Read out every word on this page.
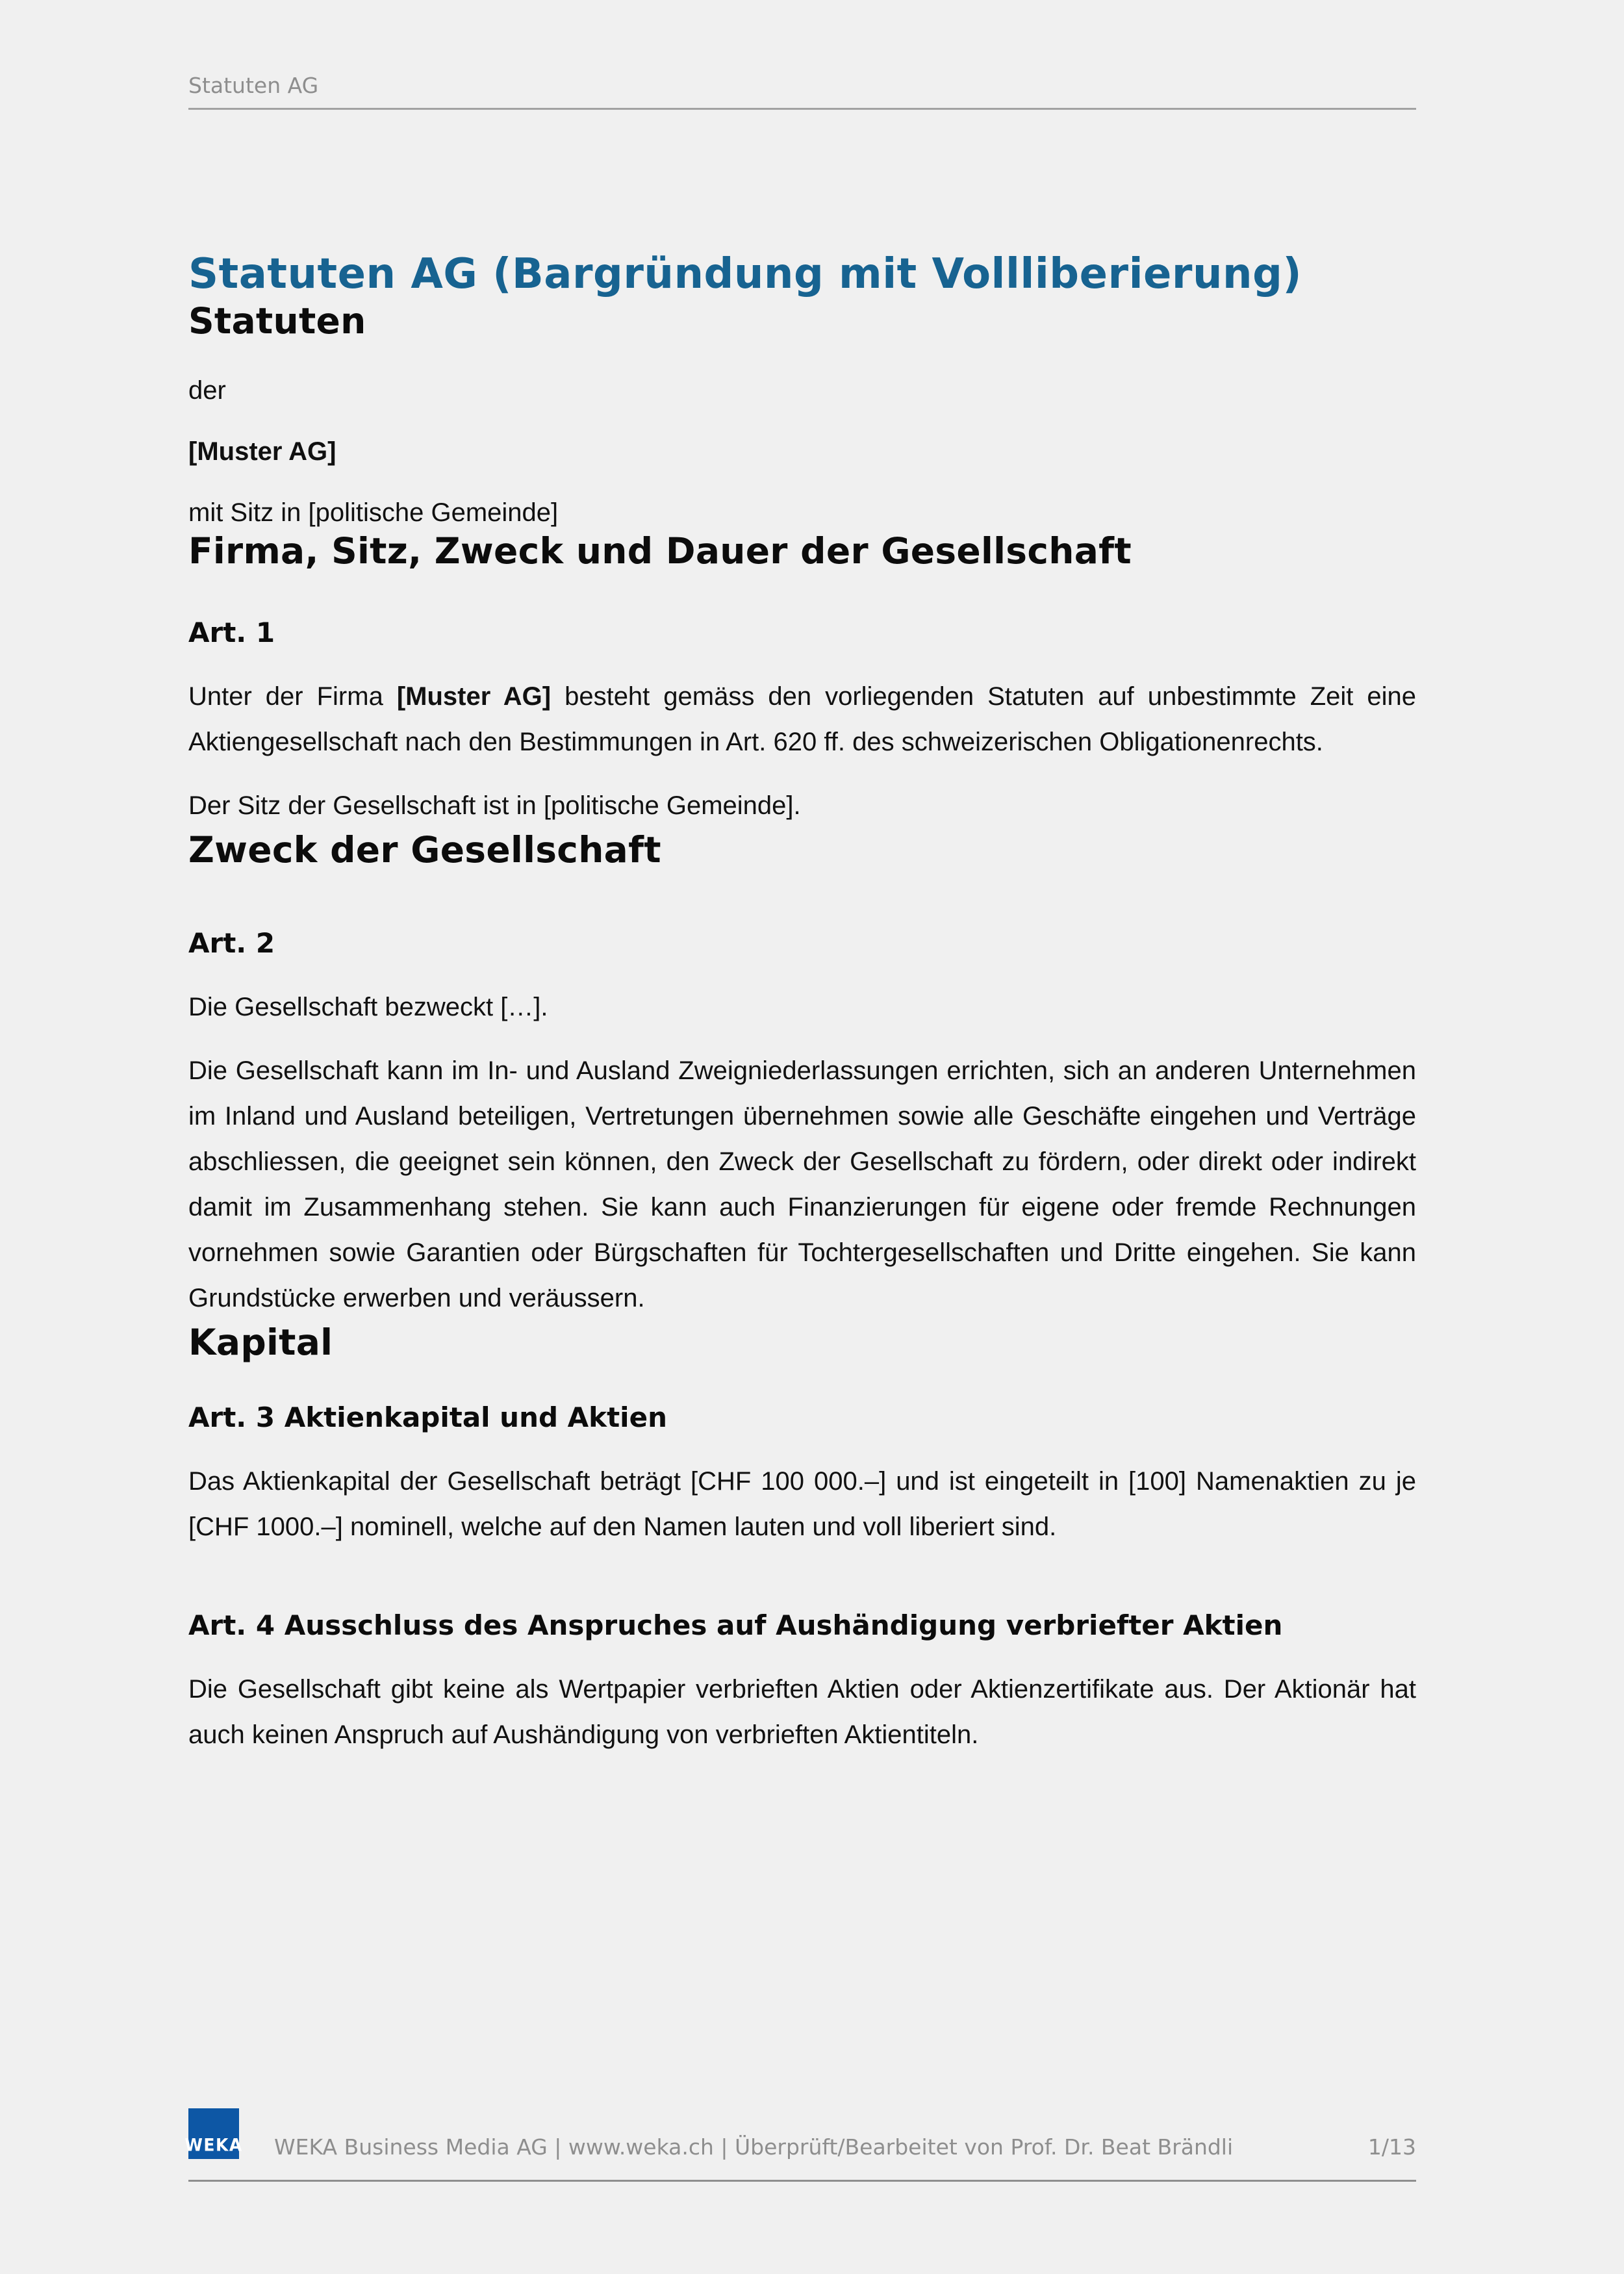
Statuten AG
Statuten AG (Bargründung mit Vollliberierung)
Statuten

der

[Muster AG]

mit Sitz in [politische Gemeinde]

Firma, Sitz, Zweck und Dauer der Gesellschaft

Art. 1

Unter der Firma [Muster AG] besteht gemäss den vorliegenden Statuten auf unbestimmte Zeit eine Aktiengesellschaft nach den Bestimmungen in Art. 620 ff. des schweizerischen Obligationenrechts.

Der Sitz der Gesellschaft ist in [politische Gemeinde].

Zweck der Gesellschaft

Art. 2

Die Gesellschaft bezweckt […].

Die Gesellschaft kann im In- und Ausland Zweigniederlassungen errichten, sich an anderen Unternehmen im Inland und Ausland beteiligen, Vertretungen übernehmen sowie alle Geschäfte eingehen und Verträge abschliessen, die geeignet sein können, den Zweck der Gesellschaft zu fördern, oder direkt oder indirekt damit im Zusammenhang stehen. Sie kann auch Finanzierungen für eigene oder fremde Rechnungen vornehmen sowie Garantien oder Bürgschaften für Tochtergesellschaften und Dritte eingehen. Sie kann Grundstücke erwerben und veräussern.

Kapital

Art. 3 Aktienkapital und Aktien

Das Aktienkapital der Gesellschaft beträgt [CHF 100 000.–] und ist eingeteilt in [100] Namenaktien zu je [CHF 1000.–] nominell, welche auf den Namen lauten und voll liberiert sind.

Art. 4 Ausschluss des Anspruches auf Aushändigung verbriefter Aktien

Die Gesellschaft gibt keine als Wertpapier verbrieften Aktien oder Aktienzertifikate aus. Der Aktionär hat auch keinen Anspruch auf Aushändigung von verbrieften Aktientiteln.

WEKA WEKA Business Media AG | www.weka.ch | Überprüft/Bearbeitet von Prof. Dr. Beat Brändli	1/13
